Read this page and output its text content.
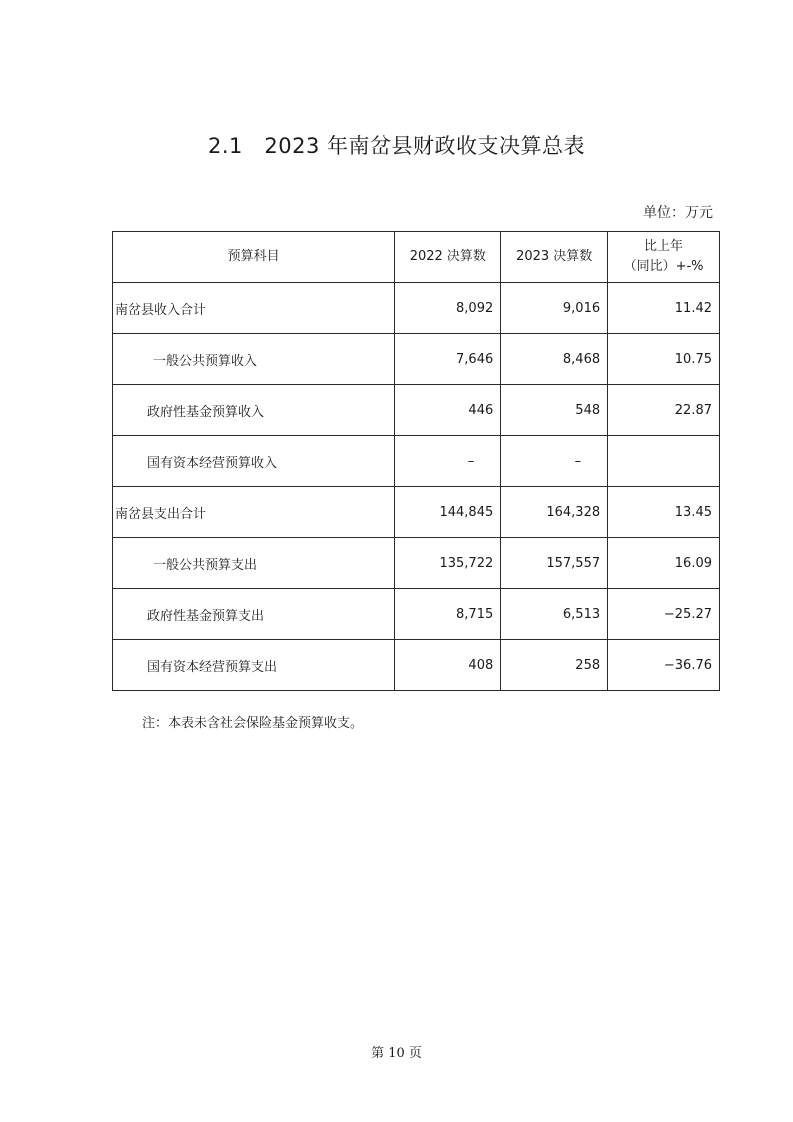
2.1　2023 年南岔县财政收支决算总表
单位：万元
预算科目	2022 决算数	2023 决算数	比上年
（同比）+-%

南岔县收入合计	8,092	9,016	11.42
一般公共预算收入	7,646	8,468	10.75
政府性基金预算收入	446	548	22.87
国有资本经营预算收入	–	–	
南岔县支出合计	144,845	164,328	13.45
一般公共预算支出	135,722	157,557	16.09
政府性基金预算支出	8,715	6,513	−25.27
国有资本经营预算支出	408	258	−36.76
注：本表未含社会保险基金预算收支。
第 10 页
